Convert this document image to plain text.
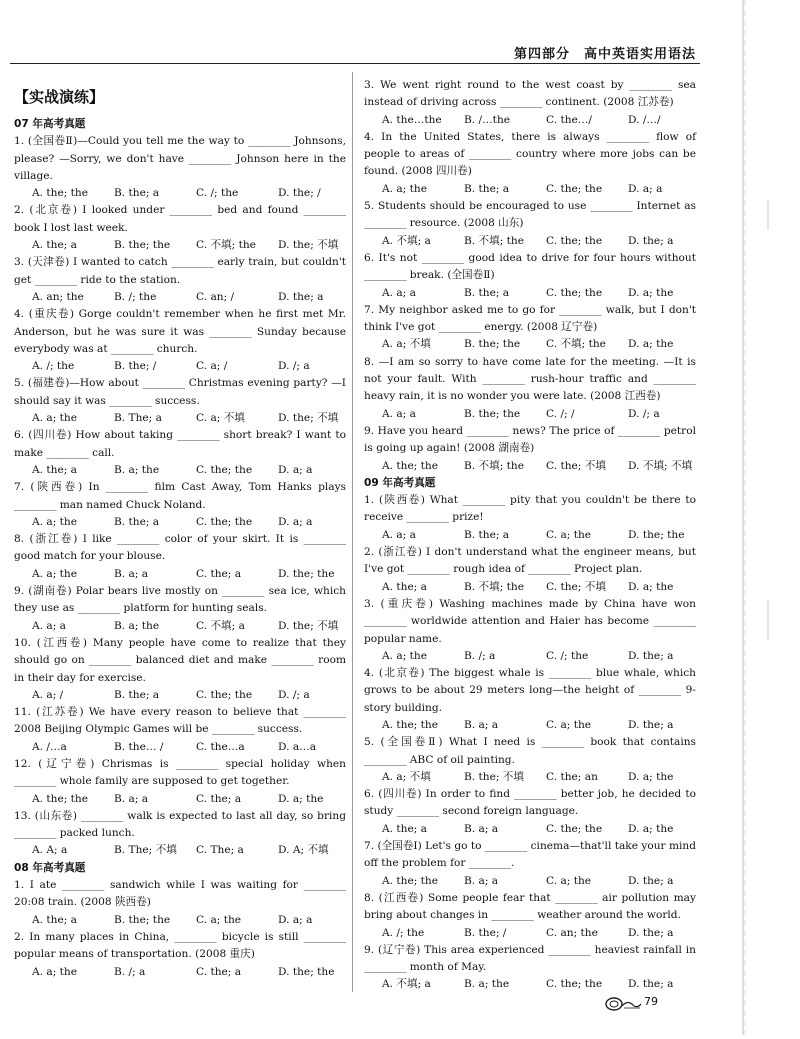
第四部分　高中英语实用语法
【实战演练】
07 年高考真题
1. (全国卷Ⅱ)—Could you tell me the way to ________ Johnsons, please? —Sorry, we don't have ________ Johnson here in the village.
A. the; the	B. the; a	C. /; the	D. the; /
2. (北京卷) I looked under ________ bed and found ________ book I lost last week.
A. the; a	B. the; the	C. 不填; the	D. the; 不填
3. (天津卷) I wanted to catch ________ early train, but couldn't get ________ ride to the station.
A. an; the	B. /; the	C. an; /	D. the; a
4. (重庆卷) Gorge couldn't remember when he first met Mr. Anderson, but he was sure it was ________ Sunday because everybody was at ________ church.
A. /; the	B. the; /	C. a; /	D. /; a
5. (福建卷)—How about ________ Christmas evening party? —I should say it was ________ success.
A. a; the	B. The; a	C. a; 不填	D. the; 不填
6. (四川卷) How about taking ________ short break? I want to make ________ call.
A. the; a	B. a; the	C. the; the	D. a; a
7. (陕西卷) In ________ film Cast Away, Tom Hanks plays ________ man named Chuck Noland.
A. a; the	B. the; a	C. the; the	D. a; a
8. (浙江卷) I like ________ color of your skirt. It is ________ good match for your blouse.
A. a; the	B. a; a	C. the; a	D. the; the
9. (湖南卷) Polar bears live mostly on ________ sea ice, which they use as ________ platform for hunting seals.
A. a; a	B. a; the	C. 不填; a	D. the; 不填
10. (江西卷) Many people have come to realize that they should go on ________ balanced diet and make ________ room in their day for exercise.
A. a; /	B. the; a	C. the; the	D. /; a
11. (江苏卷) We have every reason to believe that ________ 2008 Beijing Olympic Games will be ________ success.
A. /…a	B. the… /	C. the…a	D. a…a
12. (辽宁卷) Chrismas is ________ special holiday when ________ whole family are supposed to get together.
A. the; the	B. a; a	C. the; a	D. a; the
13. (山东卷) ________ walk is expected to last all day, so bring ________ packed lunch.
A. A; a	B. The; 不填	C. The; a	D. A; 不填
08 年高考真题
1. I ate ________ sandwich while I was waiting for ________ 20:08 train. (2008 陕西卷)
A. the; a	B. the; the	C. a; the	D. a; a
2. In many places in China, ________ bicycle is still ________ popular means of transportation. (2008 重庆)
A. a; the	B. /; a	C. the; a	D. the; the
3. We went right round to the west coast by ________ sea instead of driving across ________ continent. (2008 江苏卷)
A. the…the	B. /…the	C. the…/	D. /…/
4. In the United States, there is always ________ flow of people to areas of ________ country where more jobs can be found. (2008 四川卷)
A. a; the	B. the; a	C. the; the	D. a; a
5. Students should be encouraged to use ________ Internet as ________ resource. (2008 山东)
A. 不填; a	B. 不填; the	C. the; the	D. the; a
6. It's not ________ good idea to drive for four hours without ________ break. (全国卷Ⅱ)
A. a; a	B. the; a	C. the; the	D. a; the
7. My neighbor asked me to go for ________ walk, but I don't think I've got ________ energy. (2008 辽宁卷)
A. a; 不填	B. the; the	C. 不填; the	D. a; the
8. —I am so sorry to have come late for the meeting. —It is not your fault. With ________ rush-hour traffic and ________ heavy rain, it is no wonder you were late. (2008 江西卷)
A. a; a	B. the; the	C. /; /	D. /; a
9. Have you heard ________ news? The price of ________ petrol is going up again! (2008 湖南卷)
A. the; the	B. 不填; the	C. the; 不填	D. 不填; 不填
09 年高考真题
1. (陕西卷) What ________ pity that you couldn't be there to receive ________ prize!
A. a; a	B. the; a	C. a; the	D. the; the
2. (浙江卷) I don't understand what the engineer means, but I've got ________ rough idea of ________ Project plan.
A. the; a	B. 不填; the	C. the; 不填	D. a; the
3. (重庆卷) Washing machines made by China have won ________ worldwide attention and Haier has become ________ popular name.
A. a; the	B. /; a	C. /; the	D. the; a
4. (北京卷) The biggest whale is ________ blue whale, which grows to be about 29 meters long—the height of ________ 9-story building.
A. the; the	B. a; a	C. a; the	D. the; a
5. (全国卷Ⅱ) What I need is ________ book that contains ________ ABC of oil painting.
A. a; 不填	B. the; 不填	C. the; an	D. a; the
6. (四川卷) In order to find ________ better job, he decided to study ________ second foreign language.
A. the; a	B. a; a	C. the; the	D. a; the
7. (全国卷Ⅰ) Let's go to ________ cinema—that'll take your mind off the problem for ________.
A. the; the	B. a; a	C. a; the	D. the; a
8. (江西卷) Some people fear that ________ air pollution may bring about changes in ________ weather around the world.
A. /; the	B. the; /	C. an; the	D. the; a
9. (辽宁卷) This area experienced ________ heaviest rainfall in ________ month of May.
A. 不填; a	B. a; the	C. the; the	D. the; a
79
